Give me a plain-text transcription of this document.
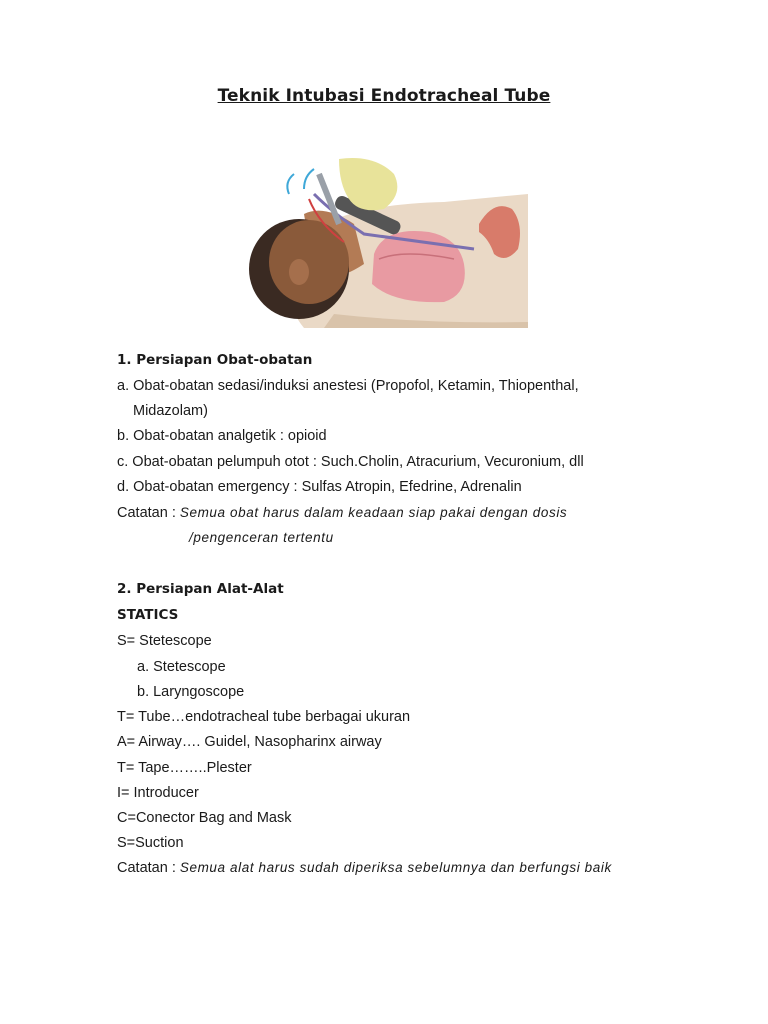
Teknik Intubasi Endotracheal Tube
1. Persiapan Obat-obatan
a. Obat-obatan sedasi/induksi anestesi (Propofol, Ketamin, Thiopenthal,
Midazolam)
b. Obat-obatan analgetik : opioid
c. Obat-obatan pelumpuh otot : Such.Cholin, Atracurium, Vecuronium, dll
d. Obat-obatan emergency : Sulfas Atropin, Efedrine, Adrenalin
Catatan : Semua obat harus dalam keadaan siap pakai dengan dosis
/pengenceran tertentu
2. Persiapan Alat-Alat
STATICS
S= Stetescope
a. Stetescope
b. Laryngoscope
T= Tube…endotracheal tube berbagai ukuran
A= Airway…. Guidel, Nasopharinx airway
T= Tape……..Plester
I= Introducer
C=Conector Bag and Mask
S=Suction
Catatan : Semua alat harus sudah diperiksa sebelumnya dan berfungsi baik
